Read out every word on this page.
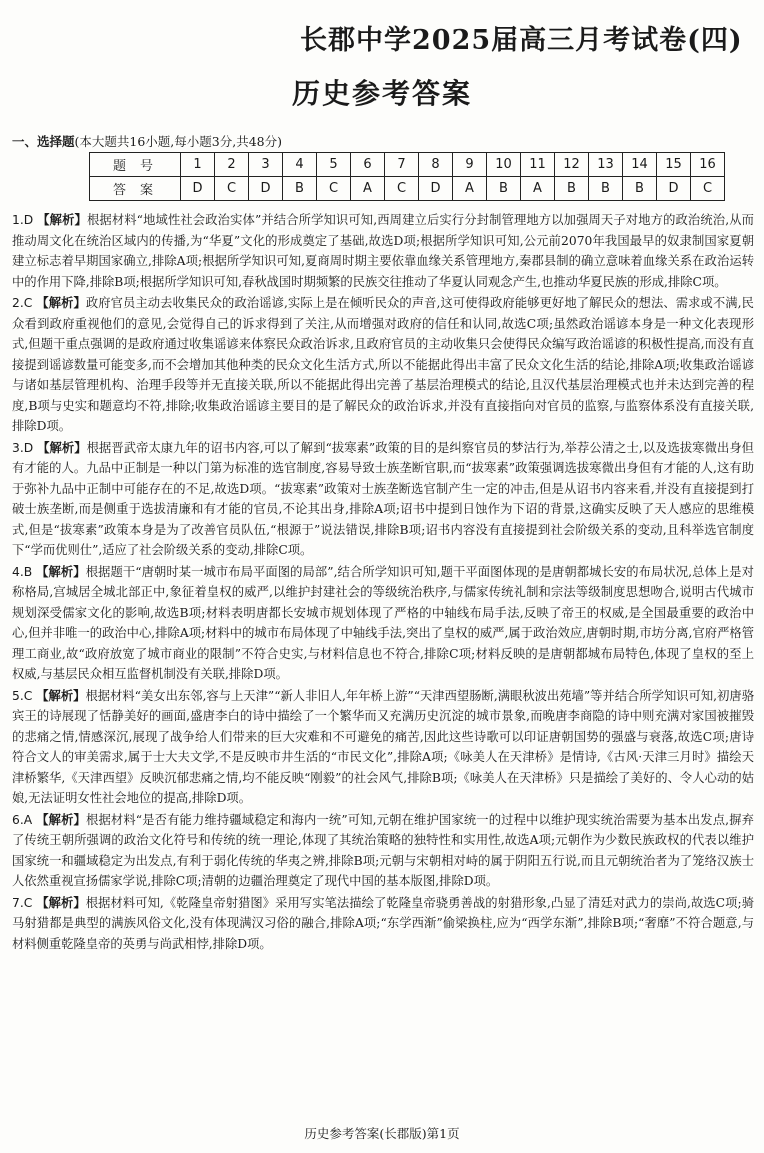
长郡中学2025届高三月考试卷(四)
历史参考答案
一、选择题(本大题共16小题,每小题3分,共48分)
题号	1	2	3	4	5	6	7	8	9	10	11	12	13	14	15	16
答案	D	C	D	B	C	A	C	D	A	B	A	B	B	B	D	C

1.D 【解析】根据材料“地域性社会政治实体”并结合所学知识可知,西周建立后实行分封制管理地方以加强周天子对地方的政治统治,从而推动周文化在统治区域内的传播,为“华夏”文化的形成奠定了基础,故选D项;根据所学知识可知,公元前2070年我国最早的奴隶制国家夏朝建立标志着早期国家确立,排除A项;根据所学知识可知,夏商周时期主要依靠血缘关系管理地方,秦郡县制的确立意味着血缘关系在政治运转中的作用下降,排除B项;根据所学知识可知,春秋战国时期频繁的民族交往推动了华夏认同观念产生,也推动华夏民族的形成,排除C项。

2.C 【解析】政府官员主动去收集民众的政治谣谚,实际上是在倾听民众的声音,这可使得政府能够更好地了解民众的想法、需求或不满,民众看到政府重视他们的意见,会觉得自己的诉求得到了关注,从而增强对政府的信任和认同,故选C项;虽然政治谣谚本身是一种文化表现形式,但题干重点强调的是政府通过收集谣谚来体察民众政治诉求,且政府官员的主动收集只会使得民众编写政治谣谚的积极性提高,而没有直接提到谣谚数量可能变多,而不会增加其他种类的民众文化生活方式,所以不能据此得出丰富了民众文化生活的结论,排除A项;收集政治谣谚与诸如基层管理机构、治理手段等并无直接关联,所以不能据此得出完善了基层治理模式的结论,且汉代基层治理模式也并未达到完善的程度,B项与史实和题意均不符,排除;收集政治谣谚主要目的是了解民众的政治诉求,并没有直接指向对官员的监察,与监察体系没有直接关联,排除D项。

3.D 【解析】根据晋武帝太康九年的诏书内容,可以了解到“拔寒素”政策的目的是纠察官员的梦沽行为,举荐公清之士,以及选拔寒微出身但有才能的人。九品中正制是一种以门第为标准的选官制度,容易导致士族垄断官职,而“拔寒素”政策强调选拔寒微出身但有才能的人,这有助于弥补九品中正制中可能存在的不足,故选D项。“拔寒素”政策对士族垄断选官制产生一定的冲击,但是从诏书内容来看,并没有直接提到打破士族垄断,而是侧重于选拔清廉和有才能的官员,不论其出身,排除A项;诏书中提到日蚀作为下诏的背景,这确实反映了天人感应的思维模式,但是“拔寒素”政策本身是为了改善官员队伍,“根源于”说法错误,排除B项;诏书内容没有直接提到社会阶级关系的变动,且科举选官制度下“学而优则仕”,适应了社会阶级关系的变动,排除C项。

4.B 【解析】根据题干“唐朝时某一城市布局平面图的局部”,结合所学知识可知,题干平面图体现的是唐朝都城长安的布局状况,总体上是对称格局,宫城居全城北部正中,象征着皇权的威严,以维护封建社会的等级统治秩序,与儒家传统礼制和宗法等级制度思想吻合,说明古代城市规划深受儒家文化的影响,故选B项;材料表明唐都长安城市规划体现了严格的中轴线布局手法,反映了帝王的权威,是全国最重要的政治中心,但并非唯一的政治中心,排除A项;材料中的城市布局体现了中轴线手法,突出了皇权的威严,属于政治效应,唐朝时期,市坊分离,官府严格管理工商业,故“政府放宽了城市商业的限制”不符合史实,与材料信息也不符合,排除C项;材料反映的是唐朝都城布局特色,体现了皇权的至上权威,与基层民众相互监督机制没有关联,排除D项。

5.C 【解析】根据材料“美女出东邻,容与上天津”“新人非旧人,年年桥上游”“天津西望肠断,满眼秋波出苑墙”等并结合所学知识可知,初唐骆宾王的诗展现了恬静美好的画面,盛唐李白的诗中描绘了一个繁华而又充满历史沉淀的城市景象,而晚唐李商隐的诗中则充满对家国被摧毁的悲痛之情,情感深沉,展现了战争给人们带来的巨大灾难和不可避免的痛苦,因此这些诗歌可以印证唐朝国势的强盛与衰落,故选C项;唐诗符合文人的审美需求,属于士大夫文学,不是反映市井生活的“市民文化”,排除A项;《咏美人在天津桥》是情诗,《古风·天津三月时》描绘天津桥繁华,《天津西望》反映沉郁悲痛之情,均不能反映“刚毅”的社会风气,排除B项;《咏美人在天津桥》只是描绘了美好的、令人心动的姑娘,无法证明女性社会地位的提高,排除D项。

6.A 【解析】根据材料“是否有能力维持疆域稳定和海内一统”可知,元朝在维护国家统一的过程中以维护现实统治需要为基本出发点,摒弃了传统王朝所强调的政治文化符号和传统的统一理论,体现了其统治策略的独特性和实用性,故选A项;元朝作为少数民族政权的代表以维护国家统一和疆域稳定为出发点,有利于弱化传统的华夷之辨,排除B项;元朝与宋朝相对峙的属于阴阳五行说,而且元朝统治者为了笼络汉族士人依然重视宣扬儒家学说,排除C项;清朝的边疆治理奠定了现代中国的基本版图,排除D项。

7.C 【解析】根据材料可知,《乾隆皇帝射猎图》采用写实笔法描绘了乾隆皇帝骁勇善战的射猎形象,凸显了清廷对武力的崇尚,故选C项;骑马射猎都是典型的满族风俗文化,没有体现满汉习俗的融合,排除A项;“东学西渐”偷梁换柱,应为“西学东渐”,排除B项;“奢靡”不符合题意,与材料侧重乾隆皇帝的英勇与尚武相悖,排除D项。

历史参考答案(长郡版)第1页
